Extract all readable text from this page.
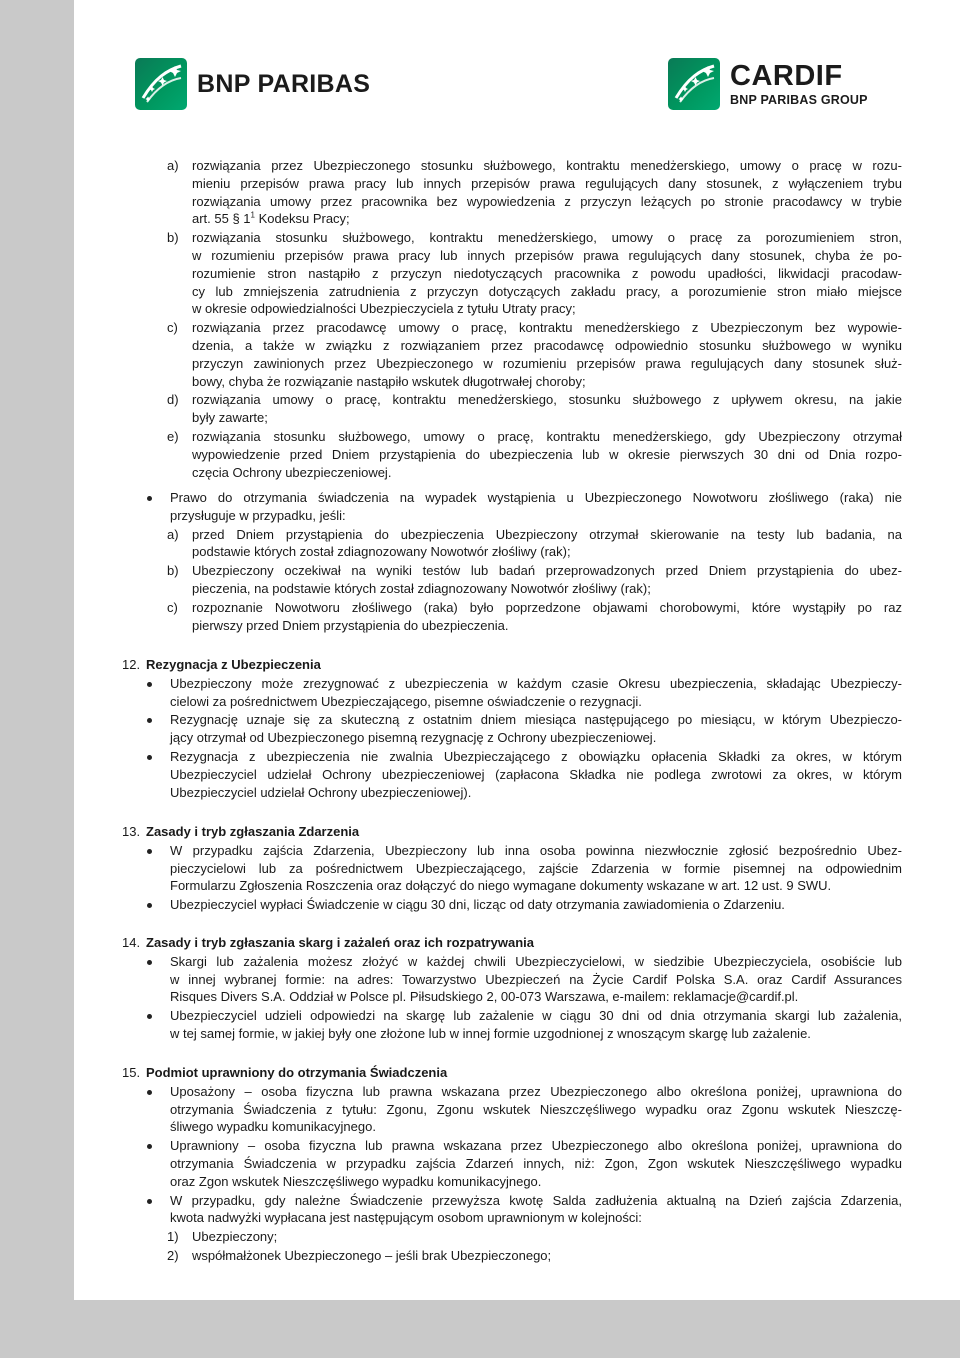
BNP PARIBAS	CARDIF
BNP PARIBAS GROUP
a) rozwiązania przez Ubezpieczonego stosunku służbowego, kontraktu menedżerskiego, umowy o pracę w rozu-
mieniu przepisów prawa pracy lub innych przepisów prawa regulujących dany stosunek, z wyłączeniem trybu
rozwiązania umowy przez pracownika bez wypowiedzenia z przyczyn leżących po stronie pracodawcy w trybie
art. 55 § $1^1$ Kodeksu Pracy;
b) rozwiązania stosunku służbowego, kontraktu menedżerskiego, umowy o pracę za porozumieniem stron,
w rozumieniu przepisów prawa pracy lub innych przepisów prawa regulujących dany stosunek, chyba że po-
rozumienie stron nastąpiło z przyczyn niedotyczących pracownika z powodu upadłości, likwidacji pracodaw-
cy lub zmniejszenia zatrudnienia z przyczyn dotyczących zakładu pracy, a porozumienie stron miało miejsce
w okresie odpowiedzialności Ubezpieczyciela z tytułu Utraty pracy;
c) rozwiązania przez pracodawcę umowy o pracę, kontraktu menedżerskiego z Ubezpieczonym bez wypowie-
dzenia, a także w związku z rozwiązaniem przez pracodawcę odpowiednio stosunku służbowego w wyniku
przyczyn zawinionych przez Ubezpieczonego w rozumieniu przepisów prawa regulujących dany stosunek służ-
bowy, chyba że rozwiązanie nastąpiło wskutek długotrwałej choroby;
d) rozwiązania umowy o pracę, kontraktu menedżerskiego, stosunku służbowego z upływem okresu, na jakie
były zawarte;
e) rozwiązania stosunku służbowego, umowy o pracę, kontraktu menedżerskiego, gdy Ubezpieczony otrzymał
wypowiedzenie przed Dniem przystąpienia do ubezpieczenia lub w okresie pierwszych 30 dni od Dnia rozpo-
częcia Ochrony ubezpieczeniowej.
Prawo do otrzymania świadczenia na wypadek wystąpienia u Ubezpieczonego Nowotworu złośliwego (raka) nie
przysługuje w przypadku, jeśli:
a) przed Dniem przystąpienia do ubezpieczenia Ubezpieczony otrzymał skierowanie na testy lub badania, na
podstawie których został zdiagnozowany Nowotwór złośliwy (rak);
b) Ubezpieczony oczekiwał na wyniki testów lub badań przeprowadzonych przed Dniem przystąpienia do ubez-
pieczenia, na podstawie których został zdiagnozowany Nowotwór złośliwy (rak);
c) rozpoznanie Nowotworu złośliwego (raka) było poprzedzone objawami chorobowymi, które wystąpiły po raz
pierwszy przed Dniem przystąpienia do ubezpieczenia.
12. Rezygnacja z Ubezpieczenia
Ubezpieczony może zrezygnować z ubezpieczenia w każdym czasie Okresu ubezpieczenia, składając Ubezpieczy-
cielowi za pośrednictwem Ubezpieczającego, pisemne oświadczenie o rezygnacji.
Rezygnację uznaje się za skuteczną z ostatnim dniem miesiąca następującego po miesiącu, w którym Ubezpieczo-
jący otrzymał od Ubezpieczonego pisemną rezygnację z Ochrony ubezpieczeniowej.
Rezygnacja z ubezpieczenia nie zwalnia Ubezpieczającego z obowiązku opłacenia Składki za okres, w którym
Ubezpieczyciel udzielał Ochrony ubezpieczeniowej (zapłacona Składka nie podlega zwrotowi za okres, w którym
Ubezpieczyciel udzielał Ochrony ubezpieczeniowej).
13. Zasady i tryb zgłaszania Zdarzenia
W przypadku zajścia Zdarzenia, Ubezpieczony lub inna osoba powinna niezwłocznie zgłosić bezpośrednio Ubez-
pieczycielowi lub za pośrednictwem Ubezpieczającego, zajście Zdarzenia w formie pisemnej na odpowiednim
Formularzu Zgłoszenia Roszczenia oraz dołączyć do niego wymagane dokumenty wskazane w art. 12 ust. 9 SWU.
Ubezpieczyciel wypłaci Świadczenie w ciągu 30 dni, licząc od daty otrzymania zawiadomienia o Zdarzeniu.
14. Zasady i tryb zgłaszania skarg i zażaleń oraz ich rozpatrywania
Skargi lub zażalenia możesz złożyć w każdej chwili Ubezpieczycielowi, w siedzibie Ubezpieczyciela, osobiście lub
w innej wybranej formie: na adres: Towarzystwo Ubezpieczeń na Życie Cardif Polska S.A. oraz Cardif Assurances
Risques Divers S.A. Oddział w Polsce pl. Piłsudskiego 2, 00-073 Warszawa, e-mailem: reklamacje@cardif.pl.
Ubezpieczyciel udzieli odpowiedzi na skargę lub zażalenie w ciągu 30 dni od dnia otrzymania skargi lub zażalenia,
w tej samej formie, w jakiej były one złożone lub w innej formie uzgodnionej z wnoszącym skargę lub zażalenie.
15. Podmiot uprawniony do otrzymania Świadczenia
Uposażony – osoba fizyczna lub prawna wskazana przez Ubezpieczonego albo określona poniżej, uprawniona do
otrzymania Świadczenia z tytułu: Zgonu, Zgonu wskutek Nieszczęśliwego wypadku oraz Zgonu wskutek Nieszczę-
śliwego wypadku komunikacyjnego.
Uprawniony – osoba fizyczna lub prawna wskazana przez Ubezpieczonego albo określona poniżej, uprawniona do
otrzymania Świadczenia w przypadku zajścia Zdarzeń innych, niż: Zgon, Zgon wskutek Nieszczęśliwego wypadku
oraz Zgon wskutek Nieszczęśliwego wypadku komunikacyjnego.
W przypadku, gdy należne Świadczenie przewyższa kwotę Salda zadłużenia aktualną na Dzień zajścia Zdarzenia,
kwota nadwyżki wypłacana jest następującym osobom uprawnionym w kolejności:
1) Ubezpieczony;
2) współmałżonek Ubezpieczonego – jeśli brak Ubezpieczonego;
